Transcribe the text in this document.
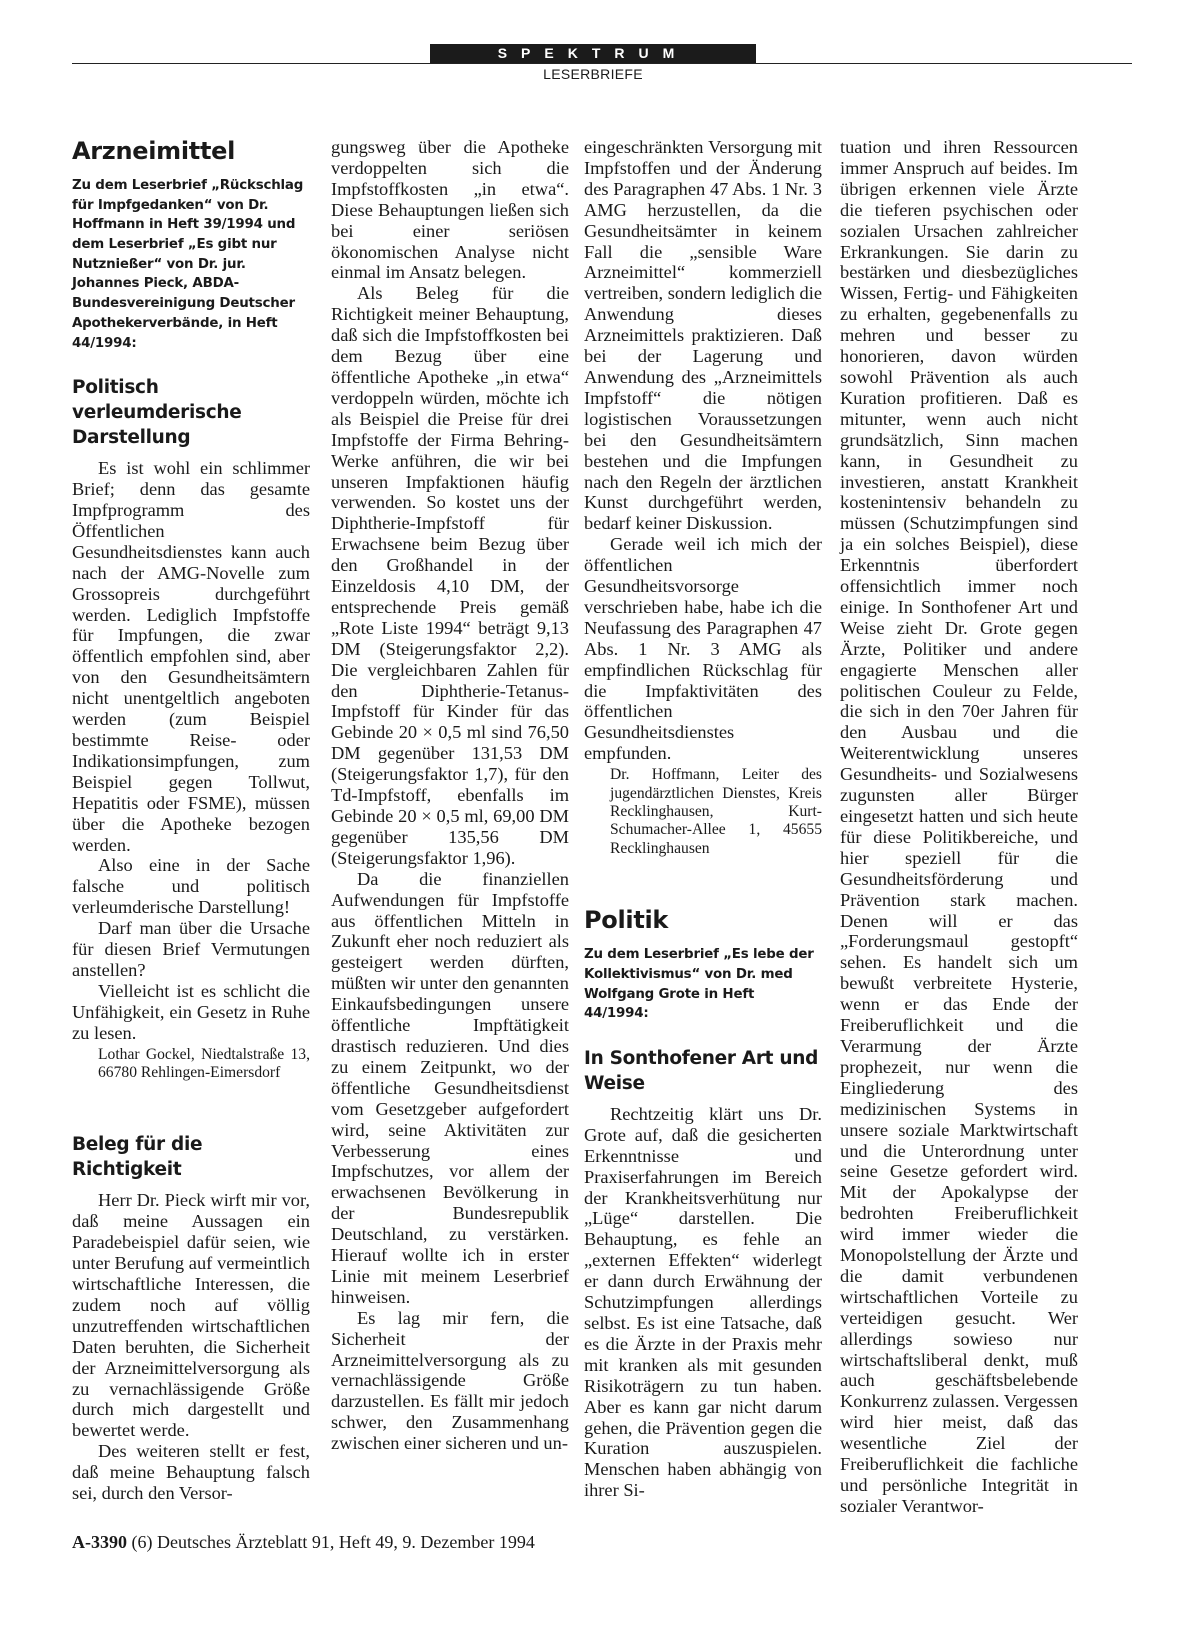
SPEKTRUM
LESERBRIEFE
Arzneimittel
Zu dem Leserbrief „Rückschlag für Impfgedanken“ von Dr. Hoffmann in Heft 39/1994 und dem Leserbrief „Es gibt nur Nutznießer“ von Dr. jur. Johannes Pieck, ABDA-Bundesvereinigung Deutscher Apothekerverbände, in Heft 44/1994:
Politisch verleumderische Darstellung

Es ist wohl ein schlimmer Brief; denn das gesamte Impfprogramm des Öffentlichen Gesundheitsdienstes kann auch nach der AMG-Novelle zum Grossopreis durchgeführt werden. Lediglich Impfstoffe für Impfungen, die zwar öffentlich empfohlen sind, aber von den Gesundheitsämtern nicht unentgeltlich angeboten werden (zum Beispiel bestimmte Reise- oder Indikationsimpfungen, zum Beispiel gegen Tollwut, Hepatitis oder FSME), müssen über die Apotheke bezogen werden.

Also eine in der Sache falsche und politisch verleumderische Darstellung!

Darf man über die Ursache für diesen Brief Vermutungen anstellen?

Vielleicht ist es schlicht die Unfähigkeit, ein Gesetz in Ruhe zu lesen.

Lothar Gockel, Niedtalstraße 13, 66780 Rehlingen-Eimersdorf
Beleg für die Richtigkeit

Herr Dr. Pieck wirft mir vor, daß meine Aussagen ein Paradebeispiel dafür seien, wie unter Berufung auf vermeintlich wirtschaftliche Interessen, die zudem noch auf völlig unzutreffenden wirtschaftlichen Daten beruhten, die Sicherheit der Arzneimittelversorgung als zu vernachlässigende Größe durch mich dargestellt und bewertet werde.

Des weiteren stellt er fest, daß meine Behauptung falsch sei, durch den Versor-

gungsweg über die Apotheke verdoppelten sich die Impfstoffkosten „in etwa“. Diese Behauptungen ließen sich bei einer seriösen ökonomischen Analyse nicht einmal im Ansatz belegen.

Als Beleg für die Richtigkeit meiner Behauptung, daß sich die Impfstoffkosten bei dem Bezug über eine öffentliche Apotheke „in etwa“ verdoppeln würden, möchte ich als Beispiel die Preise für drei Impfstoffe der Firma Behring-Werke anführen, die wir bei unseren Impfaktionen häufig verwenden. So kostet uns der Diphtherie-Impfstoff für Erwachsene beim Bezug über den Großhandel in der Einzeldosis 4,10 DM, der entsprechende Preis gemäß „Rote Liste 1994“ beträgt 9,13 DM (Steigerungsfaktor 2,2). Die vergleichbaren Zahlen für den Diphtherie-Tetanus-Impfstoff für Kinder für das Gebinde 20 × 0,5 ml sind 76,50 DM gegenüber 131,53 DM (Steigerungsfaktor 1,7), für den Td-Impfstoff, ebenfalls im Gebinde 20 × 0,5 ml, 69,00 DM gegenüber 135,56 DM (Steigerungsfaktor 1,96).

Da die finanziellen Aufwendungen für Impfstoffe aus öffentlichen Mitteln in Zukunft eher noch reduziert als gesteigert werden dürften, müßten wir unter den genannten Einkaufsbedingungen unsere öffentliche Impftätigkeit drastisch reduzieren. Und dies zu einem Zeitpunkt, wo der öffentliche Gesundheitsdienst vom Gesetzgeber aufgefordert wird, seine Aktivitäten zur Verbesserung eines Impfschutzes, vor allem der erwachsenen Bevölkerung in der Bundesrepublik Deutschland, zu verstärken. Hierauf wollte ich in erster Linie mit meinem Leserbrief hinweisen.

Es lag mir fern, die Sicherheit der Arzneimittelversorgung als zu vernachlässigende Größe darzustellen. Es fällt mir jedoch schwer, den Zusammenhang zwischen einer sicheren und un-

eingeschränkten Versorgung mit Impfstoffen und der Änderung des Paragraphen 47 Abs. 1 Nr. 3 AMG herzustellen, da die Gesundheitsämter in keinem Fall die „sensible Ware Arzneimittel“ kommerziell vertreiben, sondern lediglich die Anwendung dieses Arzneimittels praktizieren. Daß bei der Lagerung und Anwendung des „Arzneimittels Impfstoff“ die nötigen logistischen Voraussetzungen bei den Gesundheitsämtern bestehen und die Impfungen nach den Regeln der ärztlichen Kunst durchgeführt werden, bedarf keiner Diskussion.

Gerade weil ich mich der öffentlichen Gesundheitsvorsorge verschrieben habe, habe ich die Neufassung des Paragraphen 47 Abs. 1 Nr. 3 AMG als empfindlichen Rückschlag für die Impfaktivitäten des öffentlichen Gesundheitsdienstes empfunden.

Dr. Hoffmann, Leiter des jugendärztlichen Dienstes, Kreis Recklinghausen, Kurt-Schumacher-Allee 1, 45655 Recklinghausen
Politik
Zu dem Leserbrief „Es lebe der Kollektivismus“ von Dr. med Wolfgang Grote in Heft 44/1994:
In Sonthofener Art und Weise

Rechtzeitig klärt uns Dr. Grote auf, daß die gesicherten Erkenntnisse und Praxiserfahrungen im Bereich der Krankheitsverhütung nur „Lüge“ darstellen. Die Behauptung, es fehle an „externen Effekten“ widerlegt er dann durch Erwähnung der Schutzimpfungen allerdings selbst. Es ist eine Tatsache, daß es die Ärzte in der Praxis mehr mit kranken als mit gesunden Risikoträgern zu tun haben. Aber es kann gar nicht darum gehen, die Prävention gegen die Kuration auszuspielen. Menschen haben abhängig von ihrer Si-

tuation und ihren Ressourcen immer Anspruch auf beides. Im übrigen erkennen viele Ärzte die tieferen psychischen oder sozialen Ursachen zahlreicher Erkrankungen. Sie darin zu bestärken und diesbezügliches Wissen, Fertig- und Fähigkeiten zu erhalten, gegebenenfalls zu mehren und besser zu honorieren, davon würden sowohl Prävention als auch Kuration profitieren. Daß es mitunter, wenn auch nicht grundsätzlich, Sinn machen kann, in Gesundheit zu investieren, anstatt Krankheit kostenintensiv behandeln zu müssen (Schutzimpfungen sind ja ein solches Beispiel), diese Erkenntnis überfordert offensichtlich immer noch einige. In Sonthofener Art und Weise zieht Dr. Grote gegen Ärzte, Politiker und andere engagierte Menschen aller politischen Couleur zu Felde, die sich in den 70er Jahren für den Ausbau und die Weiterentwicklung unseres Gesundheits- und Sozialwesens zugunsten aller Bürger eingesetzt hatten und sich heute für diese Politikbereiche, und hier speziell für die Gesundheitsförderung und Prävention stark machen. Denen will er das „Forderungsmaul gestopft“ sehen. Es handelt sich um bewußt verbreitete Hysterie, wenn er das Ende der Freiberuflichkeit und die Verarmung der Ärzte prophezeit, nur wenn die Eingliederung des medizinischen Systems in unsere soziale Marktwirtschaft und die Unterordnung unter seine Gesetze gefordert wird. Mit der Apokalypse der bedrohten Freiberuflichkeit wird immer wieder die Monopolstellung der Ärzte und die damit verbundenen wirtschaftlichen Vorteile zu verteidigen gesucht. Wer allerdings sowieso nur wirtschaftsliberal denkt, muß auch geschäftsbelebende Konkurrenz zulassen. Vergessen wird hier meist, daß das wesentliche Ziel der Freiberuflichkeit die fachliche und persönliche Integrität in sozialer Verantwor-

A-3390 (6) Deutsches Ärzteblatt 91, Heft 49, 9. Dezember 1994
